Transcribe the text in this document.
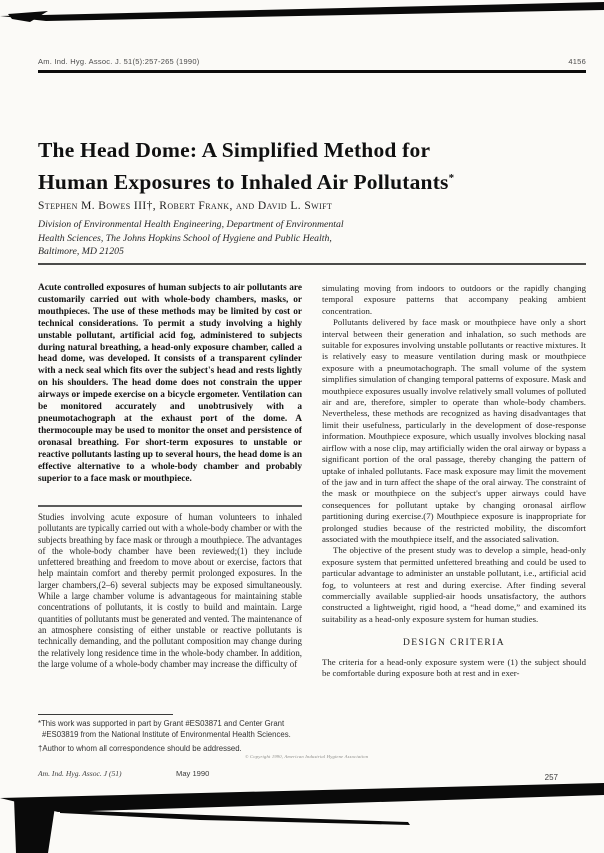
Am. Ind. Hyg. Assoc. J. 51(5):257-265 (1990)	4156
The Head Dome: A Simplified Method for
Human Exposures to Inhaled Air Pollutants*
Stephen M. Bowes III†, Robert Frank, and David L. Swift
Division of Environmental Health Engineering, Department of Environmental
Health Sciences, The Johns Hopkins School of Hygiene and Public Health,
Baltimore, MD 21205

Acute controlled exposures of human subjects to air pollutants are customarily carried out with whole-body chambers, masks, or mouthpieces. The use of these methods may be limited by cost or technical considerations. To permit a study involving a highly unstable pollutant, artificial acid fog, administered to subjects during natural breathing, a head-only exposure chamber, called a head dome, was developed. It consists of a transparent cylinder with a neck seal which fits over the subject's head and rests lightly on his shoulders. The head dome does not constrain the upper airways or impede exercise on a bicycle ergometer. Ventilation can be monitored accurately and unobtrusively with a pneumotachograph at the exhaust port of the dome. A thermocouple may be used to monitor the onset and persistence of oronasal breathing. For short-term exposures to unstable or reactive pollutants lasting up to several hours, the head dome is an effective alternative to a whole-body chamber and probably superior to a face mask or mouthpiece.

Studies involving acute exposure of human volunteers to inhaled pollutants are typically carried out with a whole-body chamber or with the subjects breathing by face mask or through a mouthpiece. The advantages of the whole-body chamber have been reviewed;(1) they include unfettered breathing and freedom to move about or exercise, factors that help maintain comfort and thereby permit prolonged exposures. In the larger chambers,(2–6) several subjects may be exposed simultaneously. While a large chamber volume is advantageous for maintaining stable concentrations of pollutants, it is costly to build and maintain. Large quantities of pollutants must be generated and vented. The maintenance of an atmosphere consisting of either unstable or reactive pollutants is technically demanding, and the pollutant composition may change during the relatively long residence time in the whole-body chamber. In addition, the large volume of a whole-body chamber may increase the difficulty of

*This work was supported in part by Grant #ES03871 and Center Grant #ES03819 from the National Institute of Environmental Health Sciences.

†Author to whom all correspondence should be addressed.

© Copyright 1990, American Industrial Hygiene Association

simulating moving from indoors to outdoors or the rapidly changing temporal exposure patterns that accompany peaking ambient concentration.

Pollutants delivered by face mask or mouthpiece have only a short interval between their generation and inhalation, so such methods are suitable for exposures involving unstable pollutants or reactive mixtures. It is relatively easy to measure ventilation during mask or mouthpiece exposure with a pneumotachograph. The small volume of the system simplifies simulation of changing temporal patterns of exposure. Mask and mouthpiece exposures usually involve relatively small volumes of polluted air and are, therefore, simpler to operate than whole-body chambers. Nevertheless, these methods are recognized as having disadvantages that limit their usefulness, particularly in the development of dose-response information. Mouthpiece exposure, which usually involves blocking nasal airflow with a nose clip, may artificially widen the oral airway or bypass a significant portion of the oral passage, thereby changing the pattern of uptake of inhaled pollutants. Face mask exposure may limit the movement of the jaw and in turn affect the shape of the oral airway. The constraint of the mask or mouthpiece on the subject's upper airways could have consequences for pollutant uptake by changing oronasal airflow partitioning during exercise.(7) Mouthpiece exposure is inappropriate for prolonged studies because of the restricted mobility, the discomfort associated with the mouthpiece itself, and the associated salivation.

The objective of the present study was to develop a simple, head-only exposure system that permitted unfettered breathing and could be used to particular advantage to administer an unstable pollutant, i.e., artificial acid fog, to volunteers at rest and during exercise. After finding several commercially available supplied-air hoods unsatisfactory, the authors constructed a lightweight, rigid hood, a “head dome,” and examined its suitability as a head-only exposure system for human studies.

DESIGN CRITERIA

The criteria for a head-only exposure system were (1) the subject should be comfortable during exposure both at rest and in exer-

Am. Ind. Hyg. Assoc. J (51)	May 1990	257
